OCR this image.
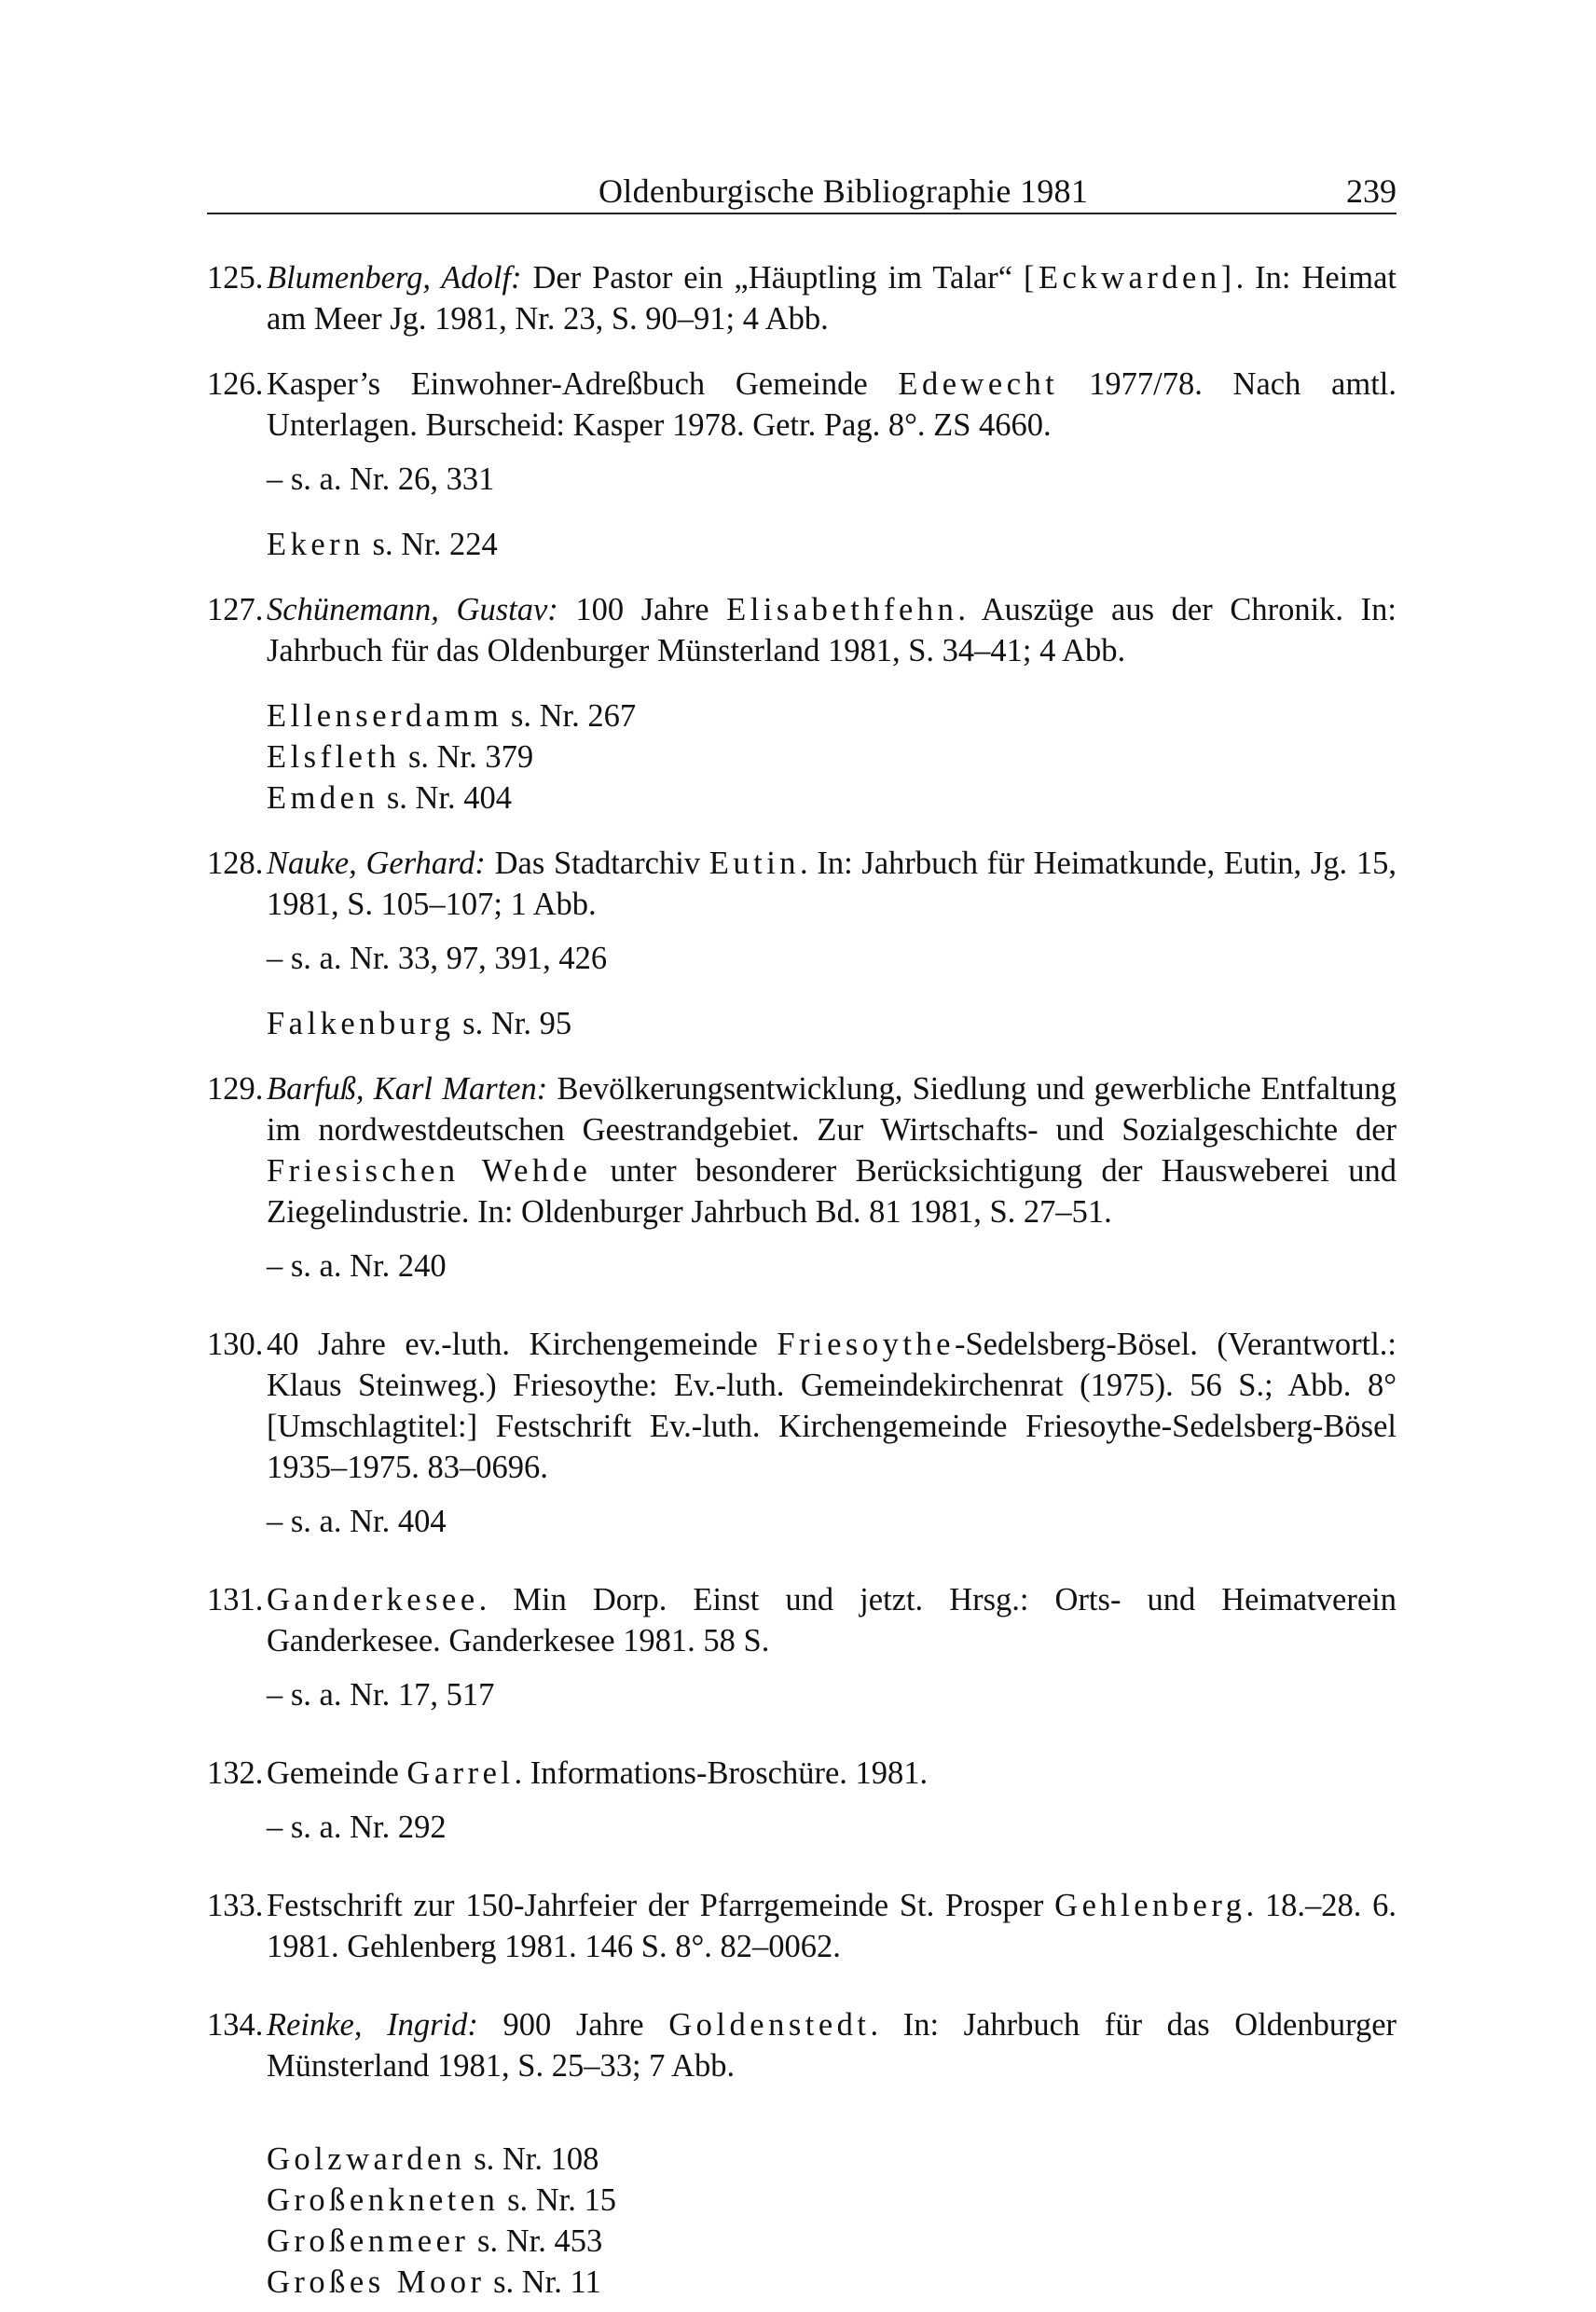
Oldenburgische Bibliographie 1981	239
125. Blumenberg, Adolf: Der Pastor ein „Häuptling im Talar“ [Eckwarden]. In: Heimat am Meer Jg. 1981, Nr. 23, S. 90–91; 4 Abb.
126. Kasper’s Einwohner-Adreßbuch Gemeinde Edewecht 1977/78. Nach amtl. Unterlagen. Burscheid: Kasper 1978. Getr. Pag. 8°. ZS 4660.
– s. a. Nr. 26, 331
Ekern s. Nr. 224
127. Schünemann, Gustav: 100 Jahre Elisabethfehn. Auszüge aus der Chronik. In: Jahrbuch für das Oldenburger Münsterland 1981, S. 34–41; 4 Abb.
Ellenserdamm s. Nr. 267
Elsfleth s. Nr. 379
Emden s. Nr. 404
128. Nauke, Gerhard: Das Stadtarchiv Eutin. In: Jahrbuch für Heimatkunde, Eutin, Jg. 15, 1981, S. 105–107; 1 Abb.
– s. a. Nr. 33, 97, 391, 426
Falkenburg s. Nr. 95
129. Barfuß, Karl Marten: Bevölkerungsentwicklung, Siedlung und gewerbliche Entfaltung im nordwestdeutschen Geestrandgebiet. Zur Wirtschafts- und Sozialgeschichte der Friesischen Wehde unter besonderer Berücksichtigung der Hausweberei und Ziegelindustrie. In: Oldenburger Jahrbuch Bd. 81 1981, S. 27–51.
– s. a. Nr. 240
130. 40 Jahre ev.-luth. Kirchengemeinde Friesoythe-Sedelsberg-Bösel. (Verantwortl.: Klaus Steinweg.) Friesoythe: Ev.-luth. Gemeindekirchenrat (1975). 56 S.; Abb. 8° [Umschlagtitel:] Festschrift Ev.-luth. Kirchengemeinde Friesoythe-Sedelsberg-Bösel 1935–1975. 83–0696.
– s. a. Nr. 404
131. Ganderkesee. Min Dorp. Einst und jetzt. Hrsg.: Orts- und Heimatverein Ganderkesee. Ganderkesee 1981. 58 S.
– s. a. Nr. 17, 517
132. Gemeinde Garrel. Informations-Broschüre. 1981.
– s. a. Nr. 292
133. Festschrift zur 150-Jahrfeier der Pfarrgemeinde St. Prosper Gehlenberg. 18.–28. 6. 1981. Gehlenberg 1981. 146 S. 8°. 82–0062.
134. Reinke, Ingrid: 900 Jahre Goldenstedt. In: Jahrbuch für das Oldenburger Münsterland 1981, S. 25–33; 7 Abb.
Golzwarden s. Nr. 108
Großenkneten s. Nr. 15
Großenmeer s. Nr. 453
Großes Moor s. Nr. 11
